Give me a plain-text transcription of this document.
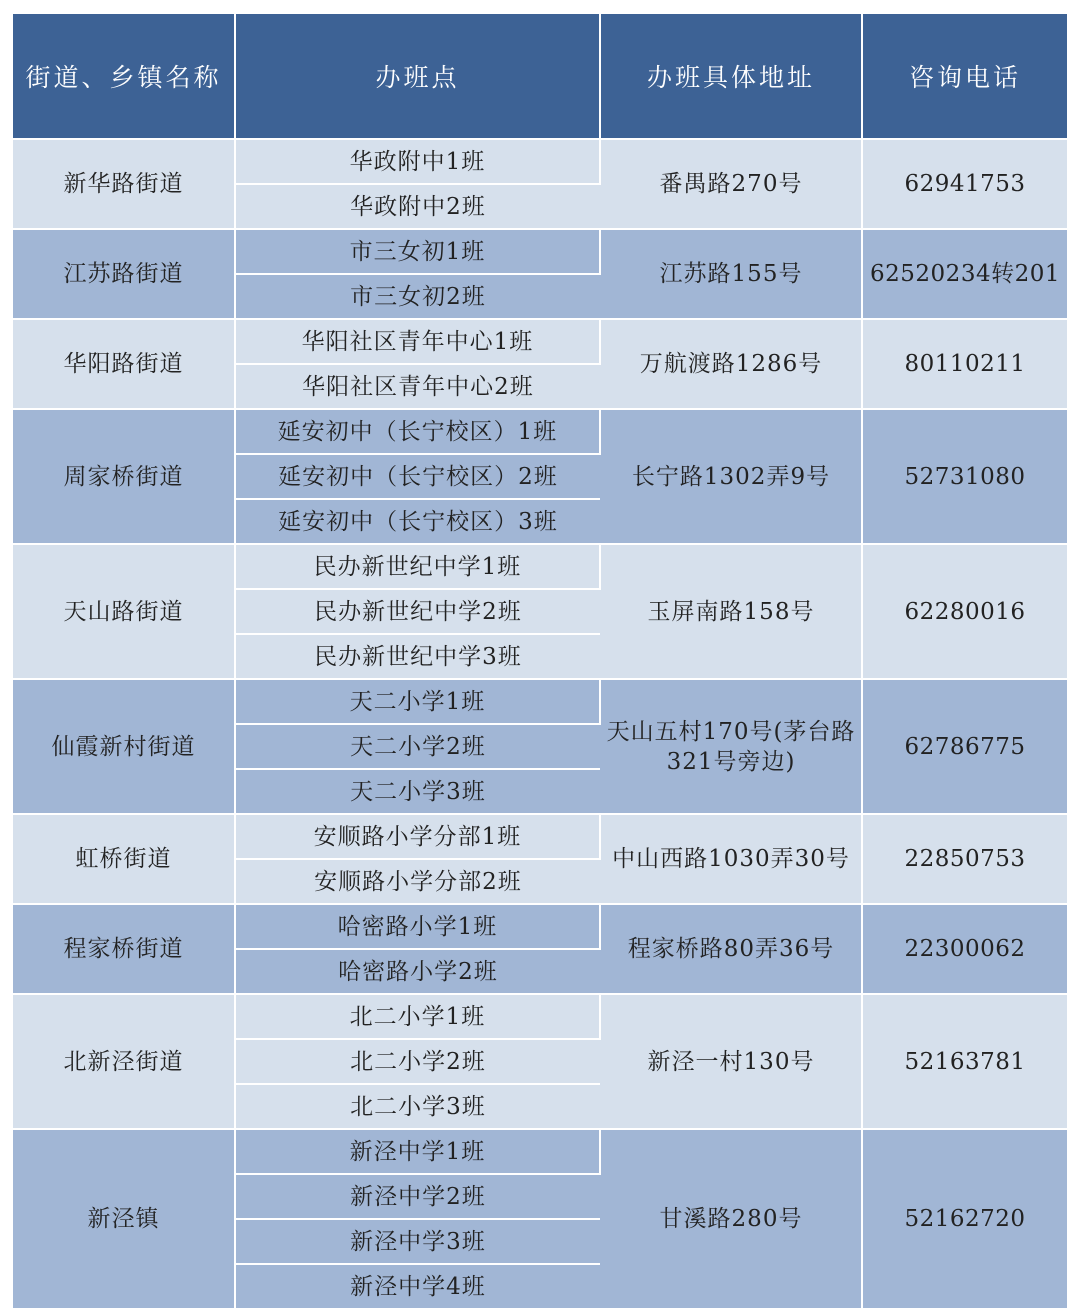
街道、乡镇名称	办班点	办班具体地址	咨询电话
新华路街道	华政附中1班	番禺路270号	62941753
	华政附中2班		
江苏路街道	市三女初1班	江苏路155号	62520234转201
	市三女初2班		
华阳路街道	华阳社区青年中心1班	万航渡路1286号	80110211
	华阳社区青年中心2班		
周家桥街道	延安初中（长宁校区）1班	长宁路1302弄9号	52731080
	延安初中（长宁校区）2班		
	延安初中（长宁校区）3班		
天山路街道	民办新世纪中学1班	玉屏南路158号	62280016
	民办新世纪中学2班		
	民办新世纪中学3班		
仙霞新村街道	天二小学1班	天山五村170号(茅台路321号旁边)	62786775
	天二小学2班		
	天二小学3班		
虹桥街道	安顺路小学分部1班	中山西路1030弄30号	22850753
	安顺路小学分部2班		
程家桥街道	哈密路小学1班	程家桥路80弄36号	22300062
	哈密路小学2班		
北新泾街道	北二小学1班	新泾一村130号	52163781
	北二小学2班		
	北二小学3班		
新泾镇	新泾中学1班	甘溪路280号	52162720
	新泾中学2班		
	新泾中学3班		
	新泾中学4班		
